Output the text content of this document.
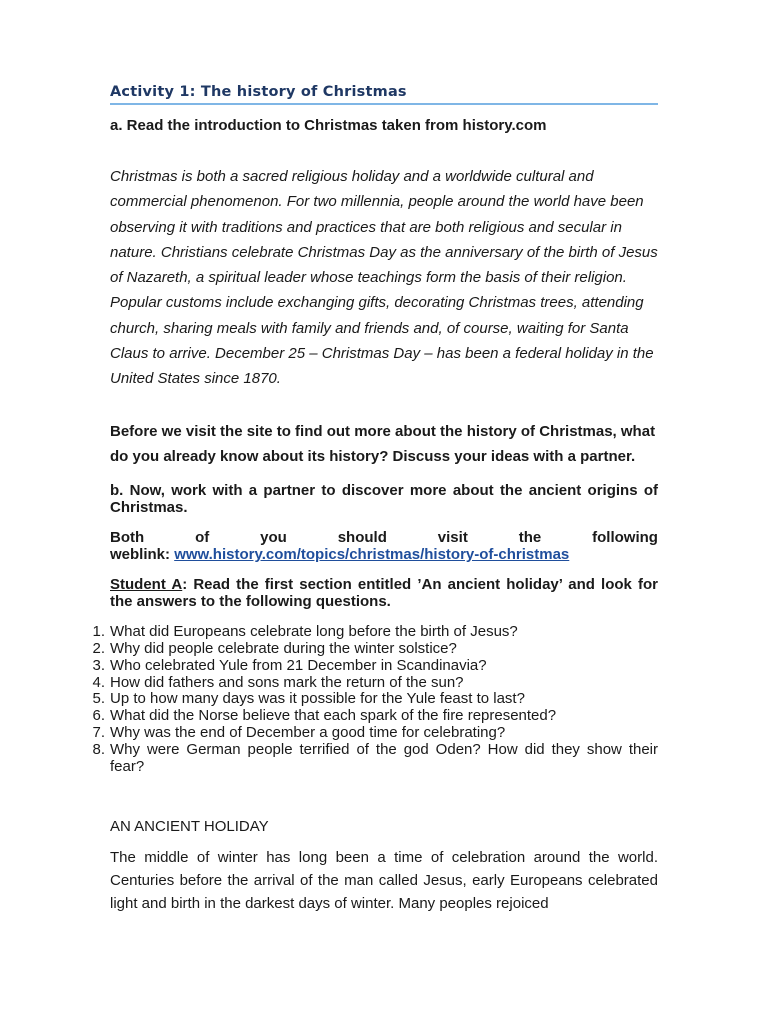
Activity 1: The history of Christmas

a. Read the introduction to Christmas taken from history.com

Christmas is both a sacred religious holiday and a worldwide cultural and commercial phenomenon. For two millennia, people around the world have been observing it with traditions and practices that are both religious and secular in nature. Christians celebrate Christmas Day as the anniversary of the birth of Jesus of Nazareth, a spiritual leader whose teachings form the basis of their religion. Popular customs include exchanging gifts, decorating Christmas trees, attending church, sharing meals with family and friends and, of course, waiting for Santa Claus to arrive. December 25 – Christmas Day – has been a federal holiday in the United States since 1870.

Before we visit the site to find out more about the history of Christmas, what do you already know about its history? Discuss your ideas with a partner.

b. Now, work with a partner to discover more about the ancient origins of Christmas.

Both	of	you	should	visit	the	following
weblink: www.history.com/topics/christmas/history-of-christmas

Student A: Read the first section entitled ’An ancient holiday’ and look for the answers to the following questions.

1. What did Europeans celebrate long before the birth of Jesus?
2. Why did people celebrate during the winter solstice?
3. Who celebrated Yule from 21 December in Scandinavia?
4. How did fathers and sons mark the return of the sun?
5. Up to how many days was it possible for the Yule feast to last?
6. What did the Norse believe that each spark of the fire represented?
7. Why was the end of December a good time for celebrating?
8. Why were German people terrified of the god Oden? How did they show their fear?

AN ANCIENT HOLIDAY

The middle of winter has long been a time of celebration around the world. Centuries before the arrival of the man called Jesus, early Europeans celebrated light and birth in the darkest days of winter. Many peoples rejoiced
